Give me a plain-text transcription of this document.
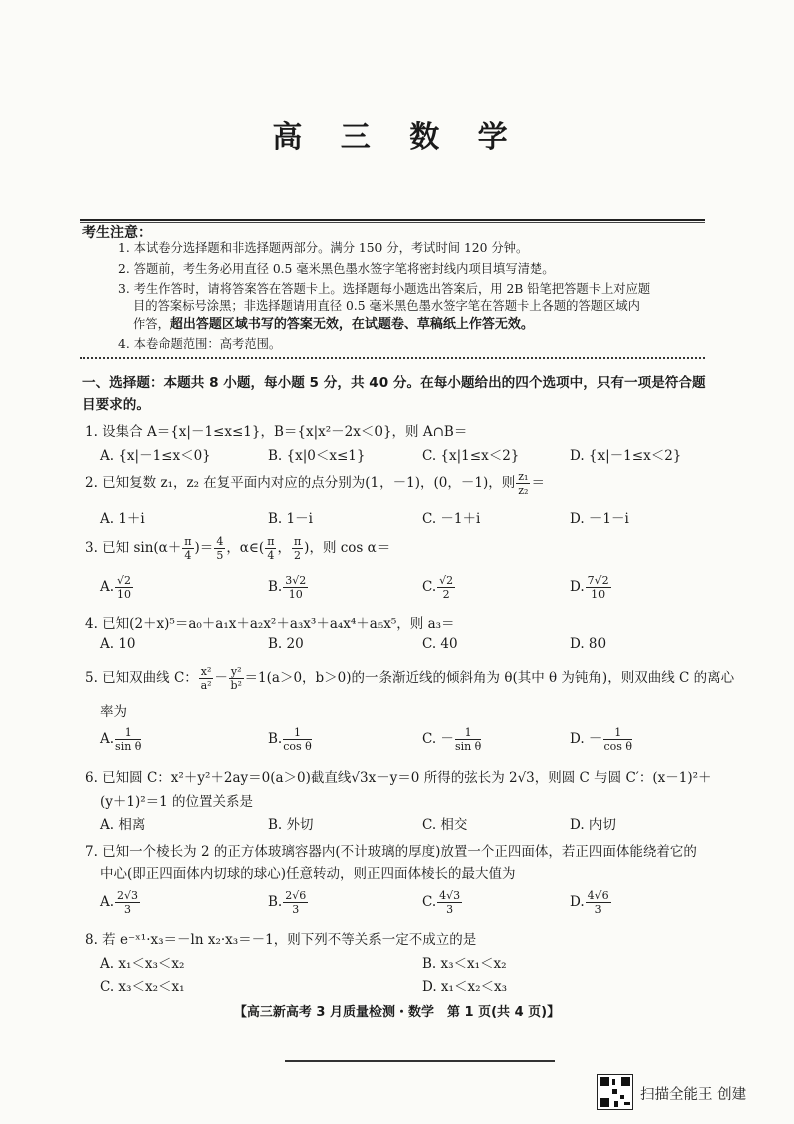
高 三 数 学
考生注意：
1. 本试卷分选择题和非选择题两部分。满分 150 分，考试时间 120 分钟。
2. 答题前，考生务必用直径 0.5 毫米黑色墨水签字笔将密封线内项目填写清楚。
3. 考生作答时，请将答案答在答题卡上。选择题每小题选出答案后，用 2B 铅笔把答题卡上对应题
目的答案标号涂黑；非选择题请用直径 0.5 毫米黑色墨水签字笔在答题卡上各题的答题区域内
作答，超出答题区域书写的答案无效，在试题卷、草稿纸上作答无效。
4. 本卷命题范围：高考范围。
一、选择题：本题共 8 小题，每小题 5 分，共 40 分。在每小题给出的四个选项中，只有一项是符合题目要求的。
1. 设集合 A＝{x|－1≤x≤1}，B＝{x|x²－2x＜0}，则 A∩B＝
A. {x|－1≤x＜0}	B. {x|0＜x≤1}	C. {x|1≤x＜2}	D. {x|－1≤x＜2}
2. 已知复数 z₁，z₂ 在复平面内对应的点分别为(1，－1)，(0，－1)，则 $\frac{\text{z₁}}{\text{z₂}}$ ＝
A. 1＋i	B. 1－i	C. －1＋i	D. －1－i
3. 已知 $\sin(\alpha+ \frac{\pi}{4}$ )＝ $\frac{4}{5}$ ，α∈( $\frac{\pi}{4}$ ， $\frac{\pi}{2}$ )，则 cos α＝
A. $\frac{√2}{10}$	B. $\frac{3√2}{10}$	C. $\frac{√2}{2}$	D. $\frac{7√2}{10}$
4. 已知(2＋x)⁵＝a₀＋a₁x＋a₂x²＋a₃x³＋a₄x⁴＋a₅x⁵，则 a₃＝
A. 10	B. 20	C. 40	D. 80
5. 已知双曲线 C： $\frac{\text{x²}}{\text{a²}} - \frac{\text{y²}}{\text{b²}} =1(a>0$，b＞0)的一条渐近线的倾斜角为 θ(其中 θ 为钝角)，则双曲线 C 的离心
率为
A. $\frac{1}{\text{sin θ}}$	B. $\frac{1}{\text{cos θ}}$	C. － $\frac{1}{\text{sin θ}}$	D. － $\frac{1}{\text{cos θ}}$
6. 已知圆 C：x²＋y²＋2ay＝0(a＞0)截直线√3x－y＝0 所得的弦长为 2√3，则圆 C 与圆 C′：(x－1)²＋
(y＋1)²＝1 的位置关系是
A. 相离	B. 外切	C. 相交	D. 内切
7. 已知一个棱长为 2 的正方体玻璃容器内(不计玻璃的厚度)放置一个正四面体，若正四面体能绕着它的
中心(即正四面体内切球的球心)任意转动，则正四面体棱长的最大值为
A. $\frac{2√3}{3}$	B. $\frac{2√6}{3}$	C. $\frac{4√3}{3}$	D. $\frac{4√6}{3}$
8. 若 e⁻ˣ¹·x₃＝－ln x₂·x₃＝－1，则下列不等关系一定不成立的是
A. x₁＜x₃＜x₂	B. x₃＜x₁＜x₂
C. x₃＜x₂＜x₁	D. x₁＜x₂＜x₃
【高三新高考 3 月质量检测・数学　第 1 页(共 4 页)】
扫描全能王 创建
